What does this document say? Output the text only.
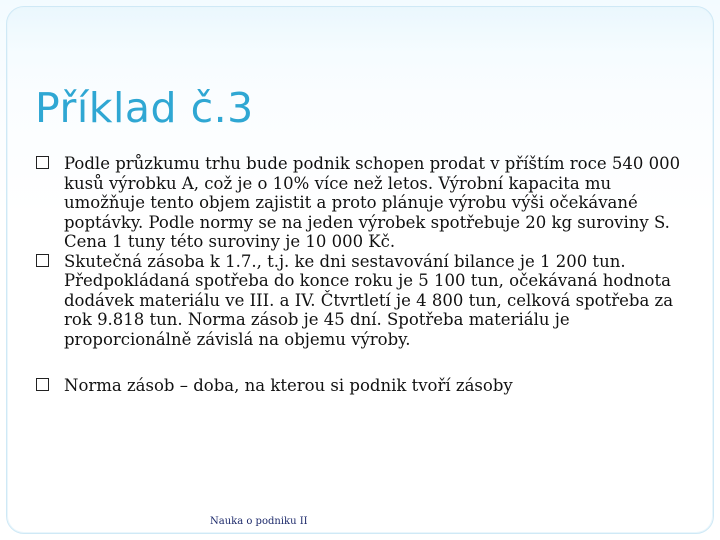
Příklad č.3
Podle průzkumu trhu bude podnik schopen prodat v příštím roce 540 000 kusů výrobku A, což je o 10% více než letos. Výrobní kapacita mu umožňuje tento objem zajistit a proto plánuje výrobu výši očekávané poptávky. Podle normy se na jeden výrobek spotřebuje 20 kg suroviny S. Cena 1 tuny této suroviny je 10 000 Kč.
Skutečná zásoba k 1.7., t.j. ke dni sestavování bilance je 1 200 tun. Předpokládaná spotřeba do konce roku je 5 100 tun, očekávaná hodnota dodávek materiálu ve III. a IV. Čtvrtletí je 4 800 tun, celková spotřeba za rok 9.818 tun. Norma zásob je 45 dní. Spotřeba materiálu je proporcionálně závislá na objemu výroby.
Norma zásob – doba, na kterou si podnik tvoří zásoby
Nauka o podniku II
